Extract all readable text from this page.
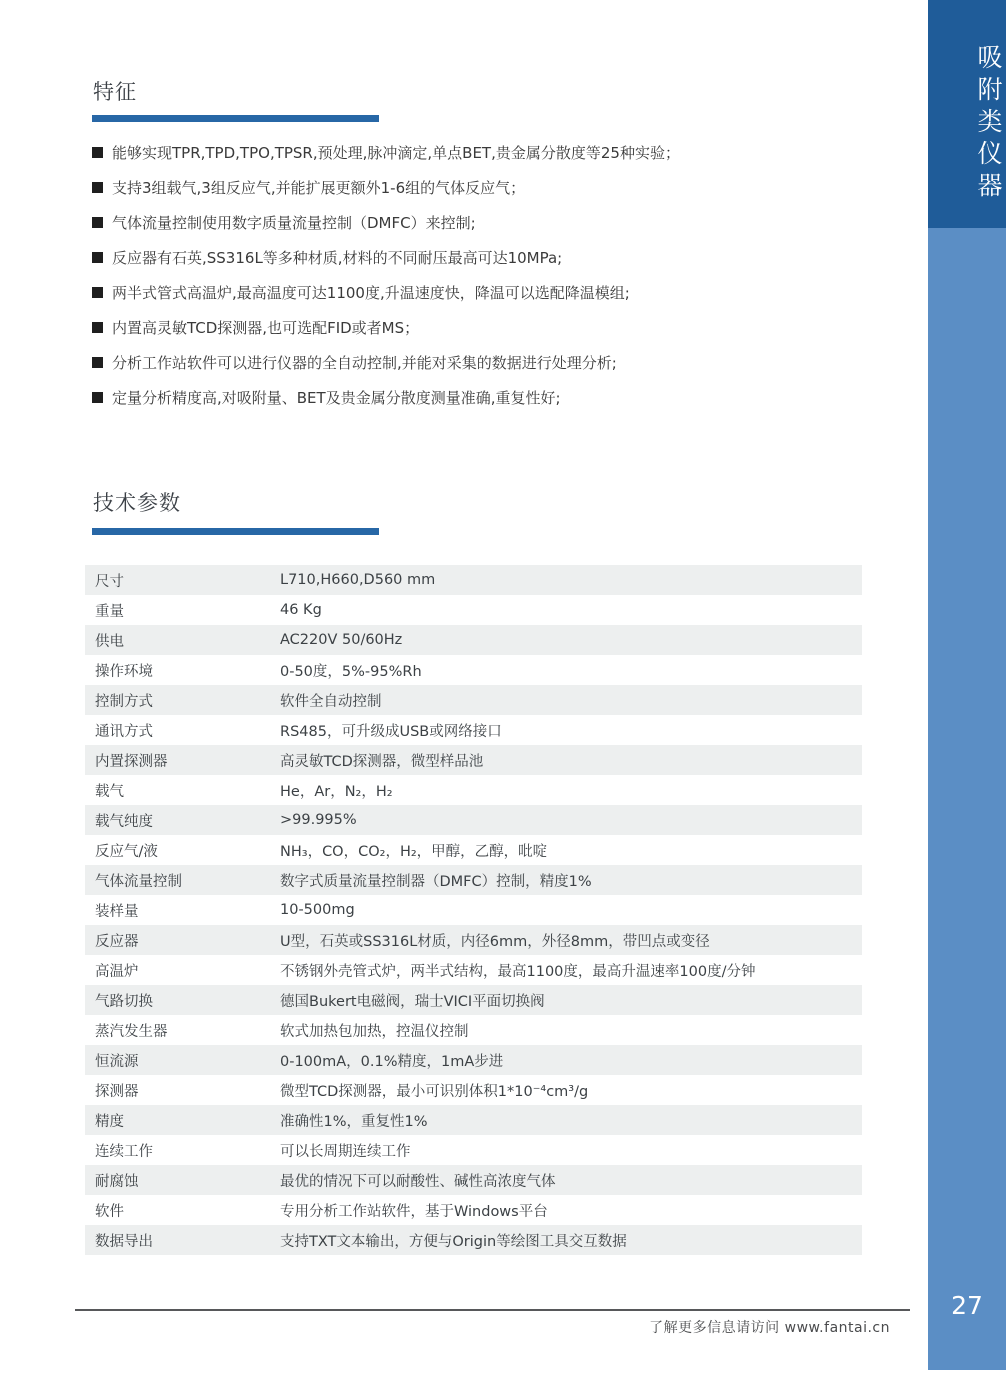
特征
能够实现TPR,TPD,TPO,TPSR,预处理,脉冲滴定,单点BET,贵金属分散度等25种实验；
支持3组载气,3组反应气,并能扩展更额外1-6组的气体反应气；
气体流量控制使用数字质量流量控制（DMFC）来控制;
反应器有石英,SS316L等多种材质,材料的不同耐压最高可达10MPa;
两半式管式高温炉,最高温度可达1100度,升温速度快，降温可以选配降温模组;
内置高灵敏TCD探测器,也可选配FID或者MS；
分析工作站软件可以进行仪器的全自动控制,并能对采集的数据进行处理分析;
定量分析精度高,对吸附量、BET及贵金属分散度测量准确,重复性好;
技术参数
尺寸	L710,H660,D560 mm
重量	46 Kg
供电	AC220V 50/60Hz
操作环境	0-50度，5%-95%Rh
控制方式	软件全自动控制
通讯方式	RS485，可升级成USB或网络接口
内置探测器	高灵敏TCD探测器，微型样品池
载气	He，Ar，N₂，H₂
载气纯度	>99.995%
反应气/液	NH₃，CO，CO₂，H₂，甲醇，乙醇，吡啶
气体流量控制	数字式质量流量控制器（DMFC）控制，精度1%
装样量	10-500mg
反应器	U型，石英或SS316L材质，内径6mm，外径8mm，带凹点或变径
高温炉	不锈钢外壳管式炉，两半式结构，最高1100度，最高升温速率100度/分钟
气路切换	德国Bukert电磁阀，瑞士VICI平面切换阀
蒸汽发生器	软式加热包加热，控温仪控制
恒流源	0-100mA，0.1%精度，1mA步进
探测器	微型TCD探测器，最小可识别体积1*10⁻⁴cm³/g
精度	准确性1%，重复性1%
连续工作	可以长周期连续工作
耐腐蚀	最优的情况下可以耐酸性、碱性高浓度气体
软件	专用分析工作站软件，基于Windows平台
数据导出	支持TXT文本输出，方便与Origin等绘图工具交互数据
吸附类仪器
27
了解更多信息请访问 www.fantai.cn
